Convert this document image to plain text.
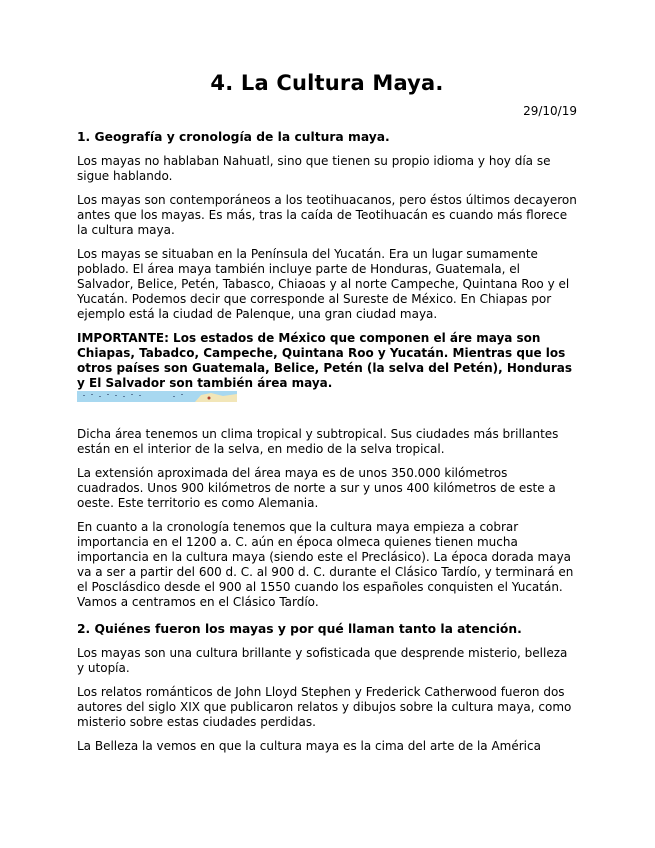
4. La Cultura Maya.
29/10/19
1. Geografía y cronología de la cultura maya.

Los mayas no hablaban Nahuatl, sino que tienen su propio idioma y hoy día se sigue hablando.

Los mayas son contemporáneos a los teotihuacanos, pero éstos últimos decayeron antes que los mayas. Es más, tras la caída de Teotihuacán es cuando más florece la cultura maya.

Los mayas se situaban en la Península del Yucatán. Era un lugar sumamente poblado. El área maya también incluye parte de Honduras, Guatemala, el Salvador, Belice, Petén, Tabasco, Chiaoas y al norte Campeche, Quintana Roo y el Yucatán. Podemos decir que corresponde al Sureste de México. En Chiapas por ejemplo está la ciudad de Palenque, una gran ciudad maya.

IMPORTANTE: Los estados de México que componen el áre maya son Chiapas, Tabadco, Campeche, Quintana Roo y Yucatán. Mientras que los otros países son Guatemala, Belice, Petén (la selva del Petén), Honduras y El Salvador son también área maya.

Dicha área tenemos un clima tropical y subtropical. Sus ciudades más brillantes están en el interior de la selva, en medio de la selva tropical.

La extensión aproximada del área maya es de unos 350.000 kilómetros cuadrados. Unos 900 kilómetros de norte a sur y unos 400 kilómetros de este a oeste. Este territorio es como Alemania.

En cuanto a la cronología tenemos que la cultura maya empieza a cobrar importancia en el 1200 a. C. aún en época olmeca quienes tienen mucha importancia en la cultura maya (siendo este el Preclásico). La época dorada maya va a ser a partir del 600 d. C. al 900 d. C. durante el Clásico Tardío, y terminará en el Posclásdico desde el 900 al 1550 cuando los españoles conquisten el Yucatán. Vamos a centramos en el Clásico Tardío.

2. Quiénes fueron los mayas y por qué llaman tanto la atención.

Los mayas son una cultura brillante y sofisticada que desprende misterio, belleza y utopía.

Los relatos románticos de John Lloyd Stephen y Frederick Catherwood fueron dos autores del siglo XIX que publicaron relatos y dibujos sobre la cultura maya, como misterio sobre estas ciudades perdidas.

La Belleza la vemos en que la cultura maya es la cima del arte de la América
